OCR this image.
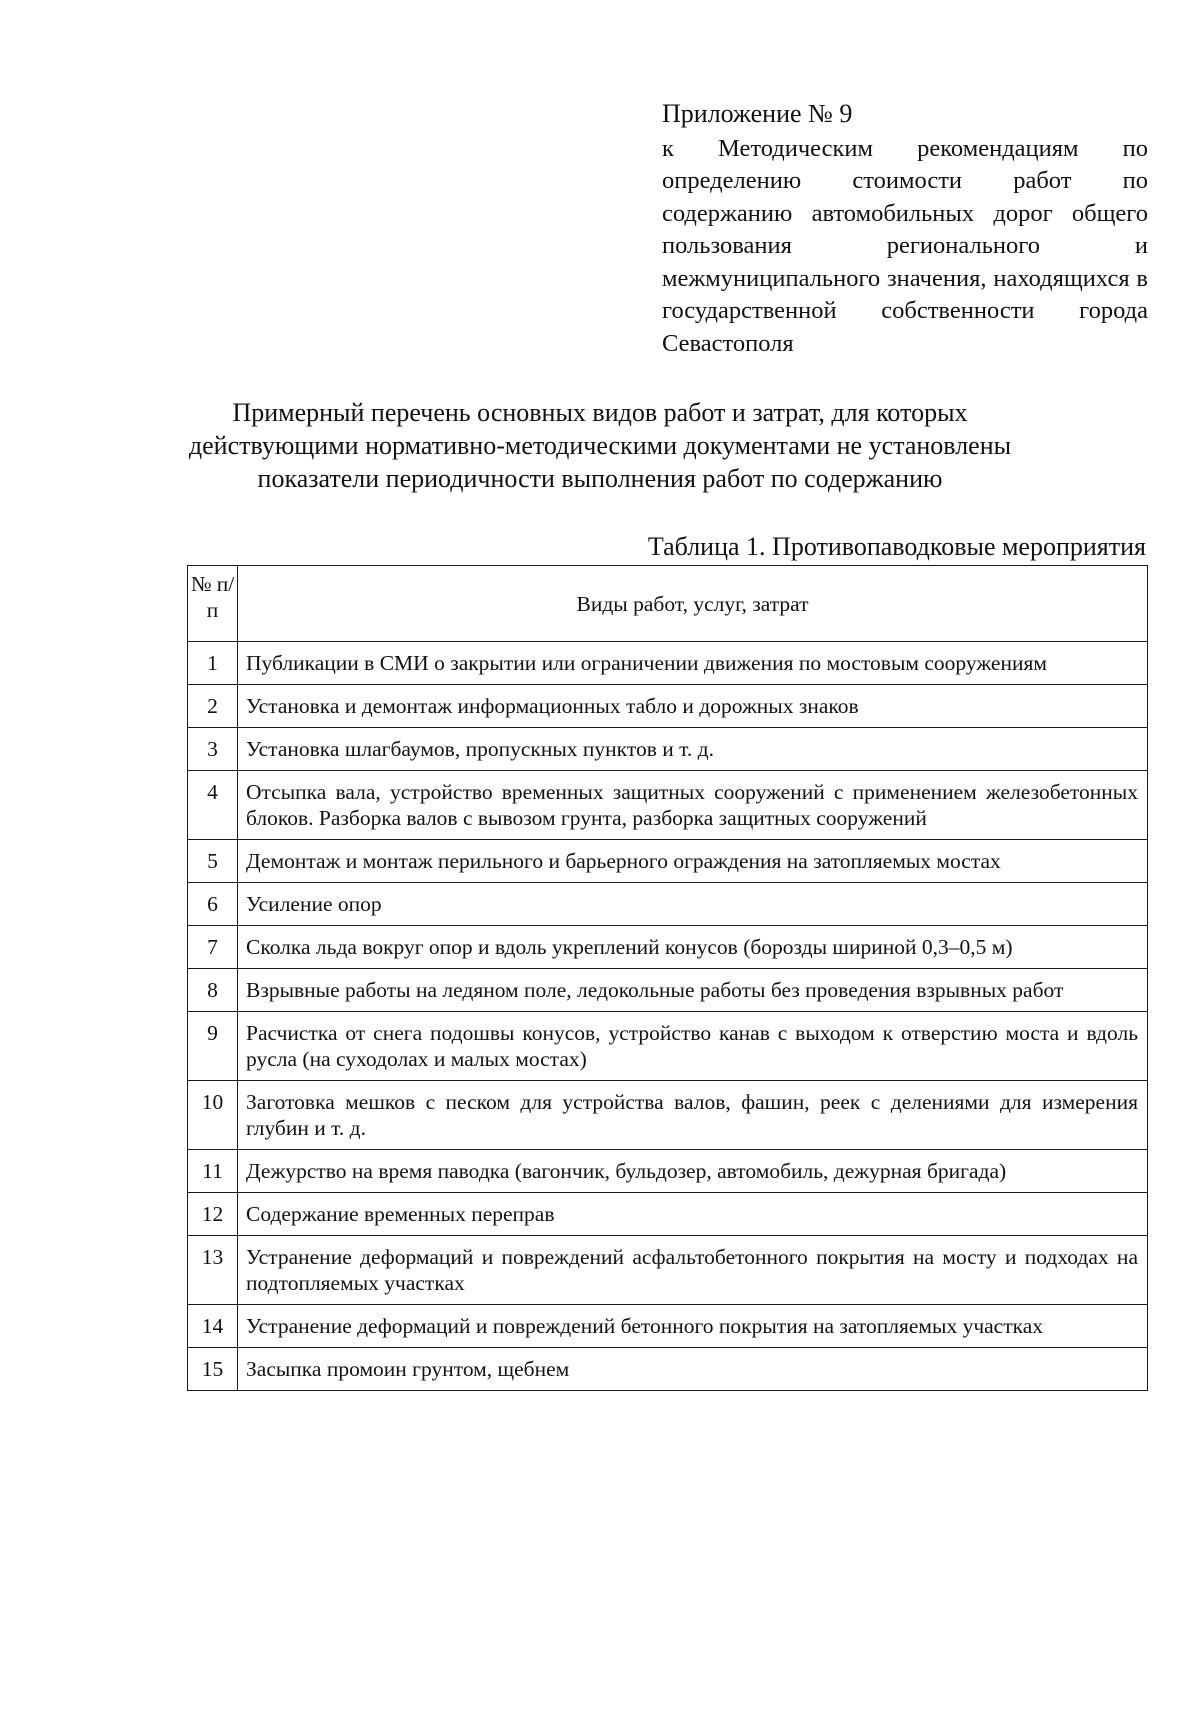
Приложение № 9
к Методическим рекомендациям по определению стоимости работ по содержанию автомобильных дорог общего пользования регионального и межмуниципального значения, находящихся в государственной собственности города Севастополя
Примерный перечень основных видов работ и затрат, для которых действующими нормативно-методическими документами не установлены показатели периодичности выполнения работ по содержанию
Таблица 1. Противопаводковые мероприятия
№ п/п	Виды работ, услуг, затрат
1	Публикации в СМИ о закрытии или ограничении движения по мостовым сооружениям
2	Установка и демонтаж информационных табло и дорожных знаков
3	Установка шлагбаумов, пропускных пунктов и т. д.
4	Отсыпка вала, устройство временных защитных сооружений с применением железобетонных блоков. Разборка валов с вывозом грунта, разборка защитных сооружений
5	Демонтаж и монтаж перильного и барьерного ограждения на затопляемых мостах
6	Усиление опор
7	Сколка льда вокруг опор и вдоль укреплений конусов (борозды шириной 0,3–0,5 м)
8	Взрывные работы на ледяном поле, ледокольные работы без проведения взрывных работ
9	Расчистка от снега подошвы конусов, устройство канав с выходом к отверстию моста и вдоль русла (на суходолах и малых мостах)
10	Заготовка мешков с песком для устройства валов, фашин, реек с делениями для измерения глубин и т. д.
11	Дежурство на время паводка (вагончик, бульдозер, автомобиль, дежурная бригада)
12	Содержание временных переправ
13	Устранение деформаций и повреждений асфальтобетонного покрытия на мосту и подходах на подтопляемых участках
14	Устранение деформаций и повреждений бетонного покрытия на затопляемых участках
15	Засыпка промоин грунтом, щебнем
